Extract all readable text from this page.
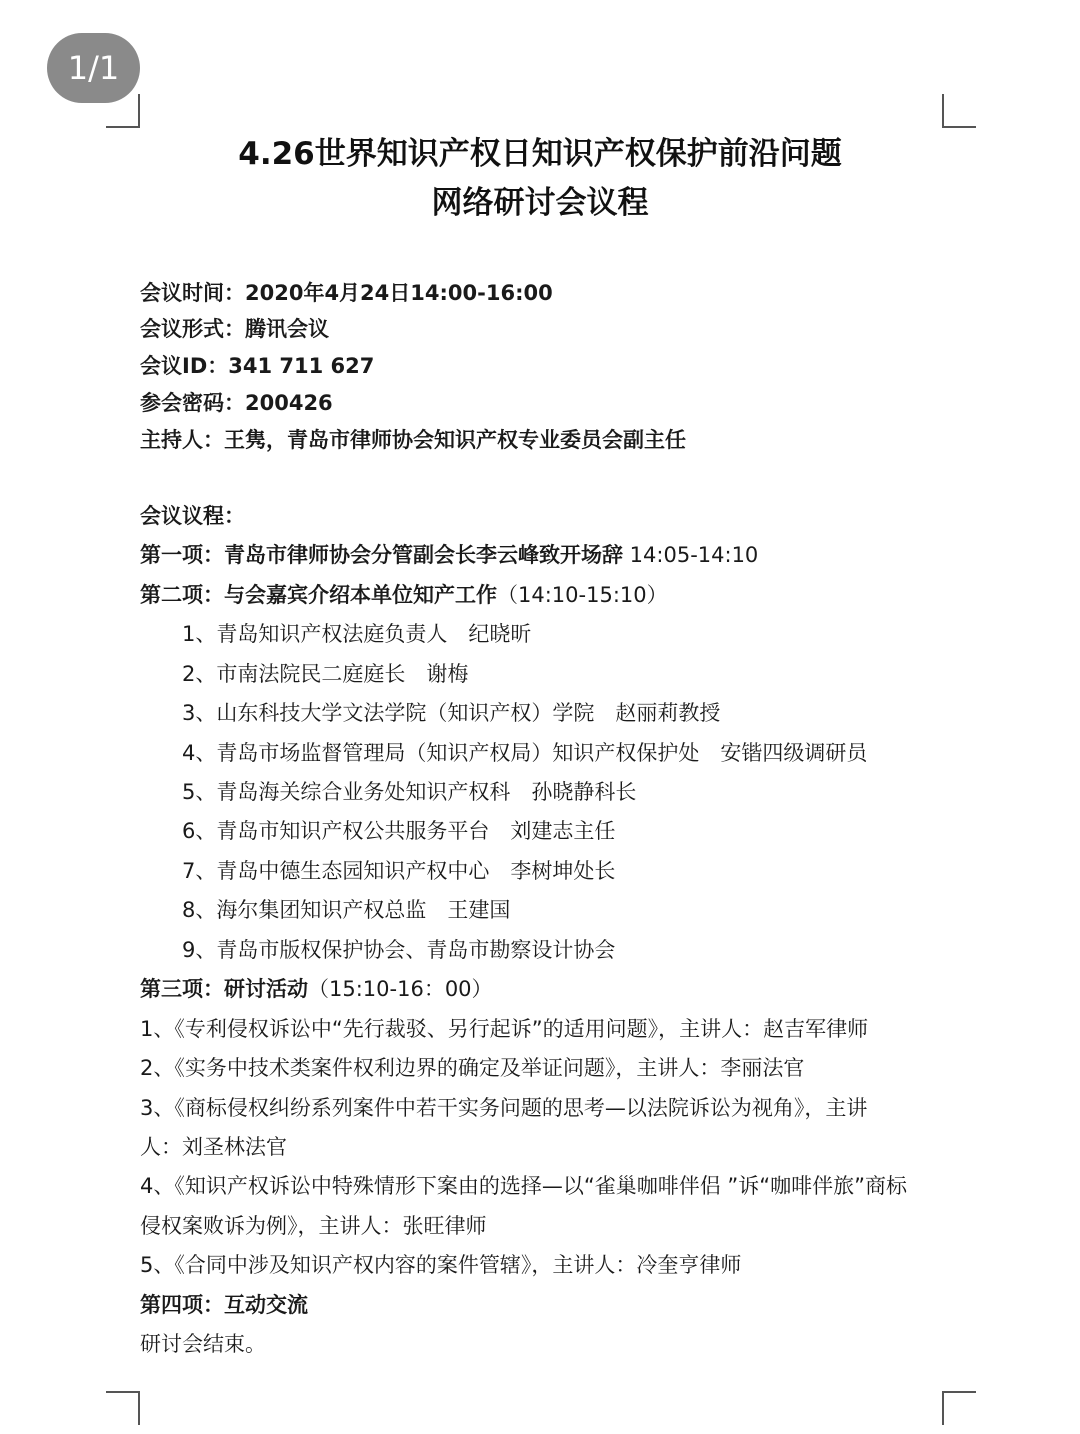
1/1
4.26世界知识产权日知识产权保护前沿问题
网络研讨会议程
会议时间：2020年4月24日14:00-16:00
会议形式：腾讯会议
会议ID：341 711 627
参会密码：200426
主持人：王隽，青岛市律师协会知识产权专业委员会副主任
会议议程：
第一项：青岛市律师协会分管副会长李云峰致开场辞 14:05-14:10
第二项：与会嘉宾介绍本单位知产工作（14:10-15:10）
1、青岛知识产权法庭负责人　纪晓昕
2、市南法院民二庭庭长　谢梅
3、山东科技大学文法学院（知识产权）学院　赵丽莉教授
4、青岛市场监督管理局（知识产权局）知识产权保护处　安锴四级调研员
5、青岛海关综合业务处知识产权科　孙晓静科长
6、青岛市知识产权公共服务平台　刘建志主任
7、青岛中德生态园知识产权中心　李树坤处长
8、海尔集团知识产权总监　王建国
9、青岛市版权保护协会、青岛市勘察设计协会
第三项：研讨活动（15:10-16：00）
1、《专利侵权诉讼中“先行裁驳、另行起诉”的适用问题》，主讲人：赵吉军律师
2、《实务中技术类案件权利边界的确定及举证问题》，主讲人：李丽法官
3、《商标侵权纠纷系列案件中若干实务问题的思考—以法院诉讼为视角》，主讲
人：刘圣林法官
4、《知识产权诉讼中特殊情形下案由的选择—以“雀巢咖啡伴侣 ”诉“咖啡伴旅”商标
侵权案败诉为例》，主讲人：张旺律师
5、《合同中涉及知识产权内容的案件管辖》，主讲人：冷奎亨律师
第四项：互动交流
研讨会结束。
